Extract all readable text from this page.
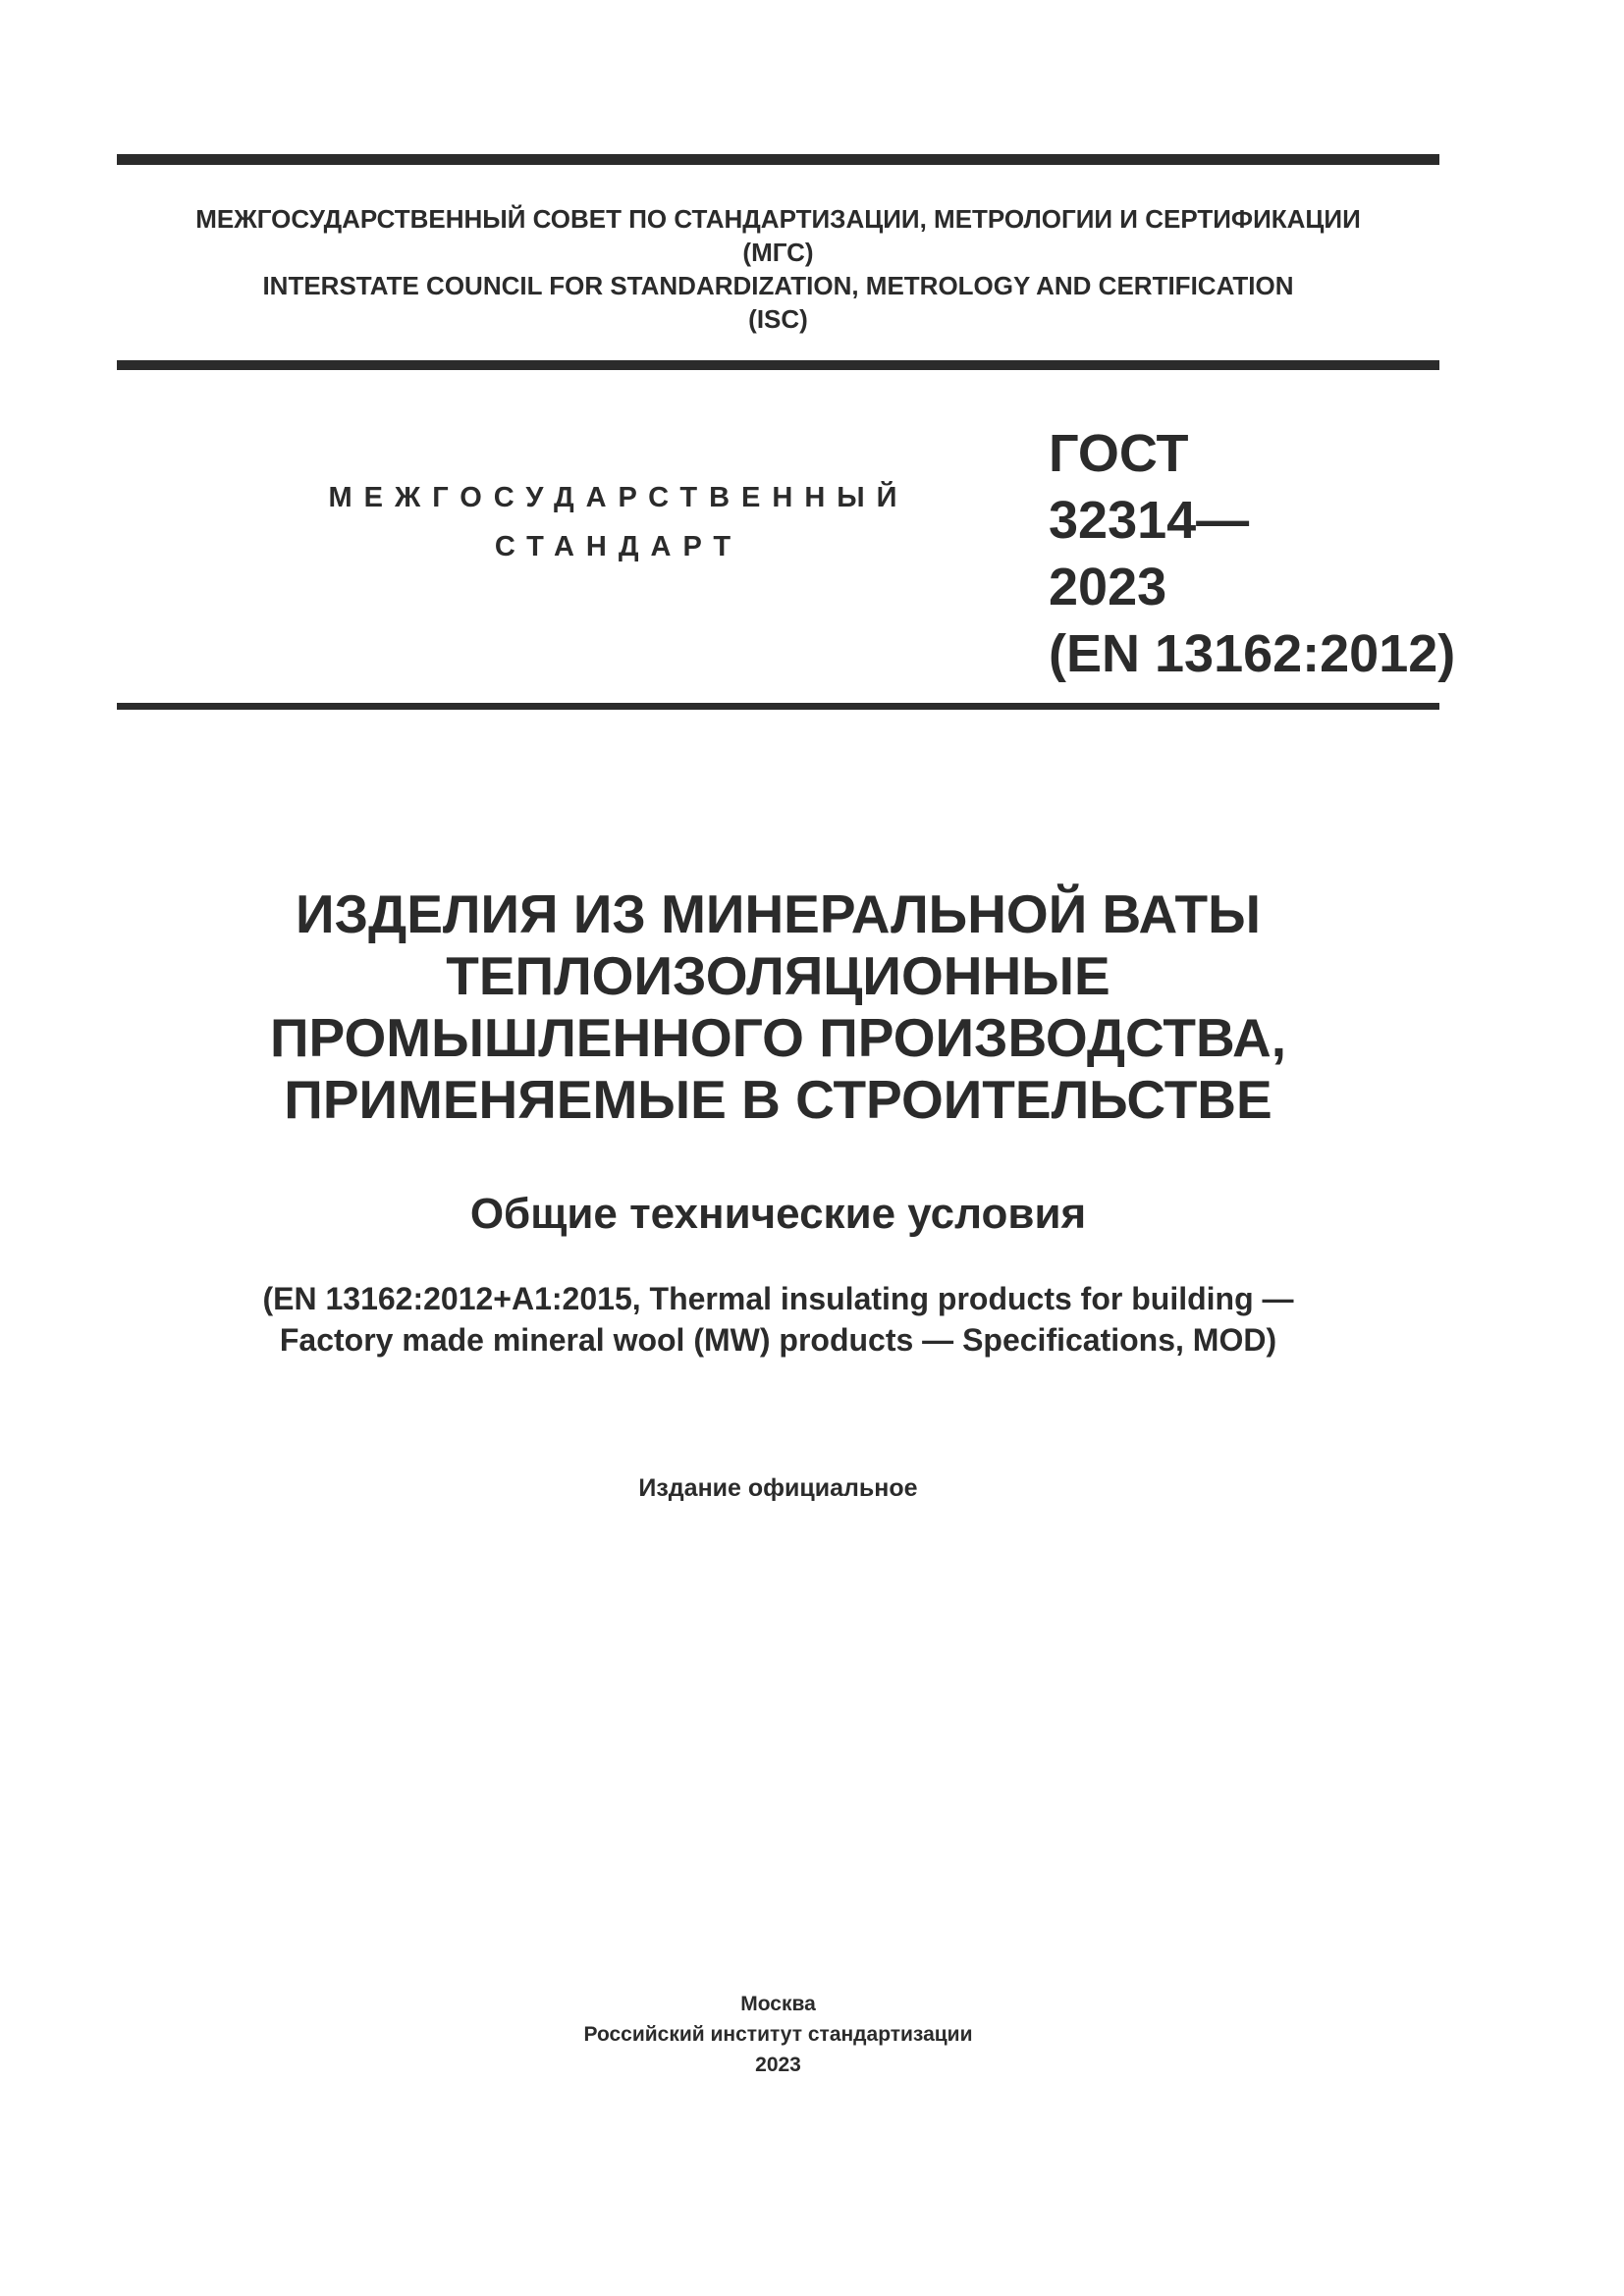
МЕЖГОСУДАРСТВЕННЫЙ СОВЕТ ПО СТАНДАРТИЗАЦИИ, МЕТРОЛОГИИ И СЕРТИФИКАЦИИ
(МГС)
INTERSTATE COUNCIL FOR STANDARDIZATION, METROLOGY AND CERTIFICATION
(ISC)
МЕЖГОСУДАРСТВЕННЫЙ
СТАНДАРТ
ГОСТ
32314—
2023
(EN 13162:2012)
ИЗДЕЛИЯ ИЗ МИНЕРАЛЬНОЙ ВАТЫ
ТЕПЛОИЗОЛЯЦИОННЫЕ
ПРОМЫШЛЕННОГО ПРОИЗВОДСТВА,
ПРИМЕНЯЕМЫЕ В СТРОИТЕЛЬСТВЕ
Общие технические условия
(EN 13162:2012+A1:2015, Thermal insulating products for building —
Factory made mineral wool (MW) products — Specifications, MOD)
Издание официальное
Москва
Российский институт стандартизации
2023
